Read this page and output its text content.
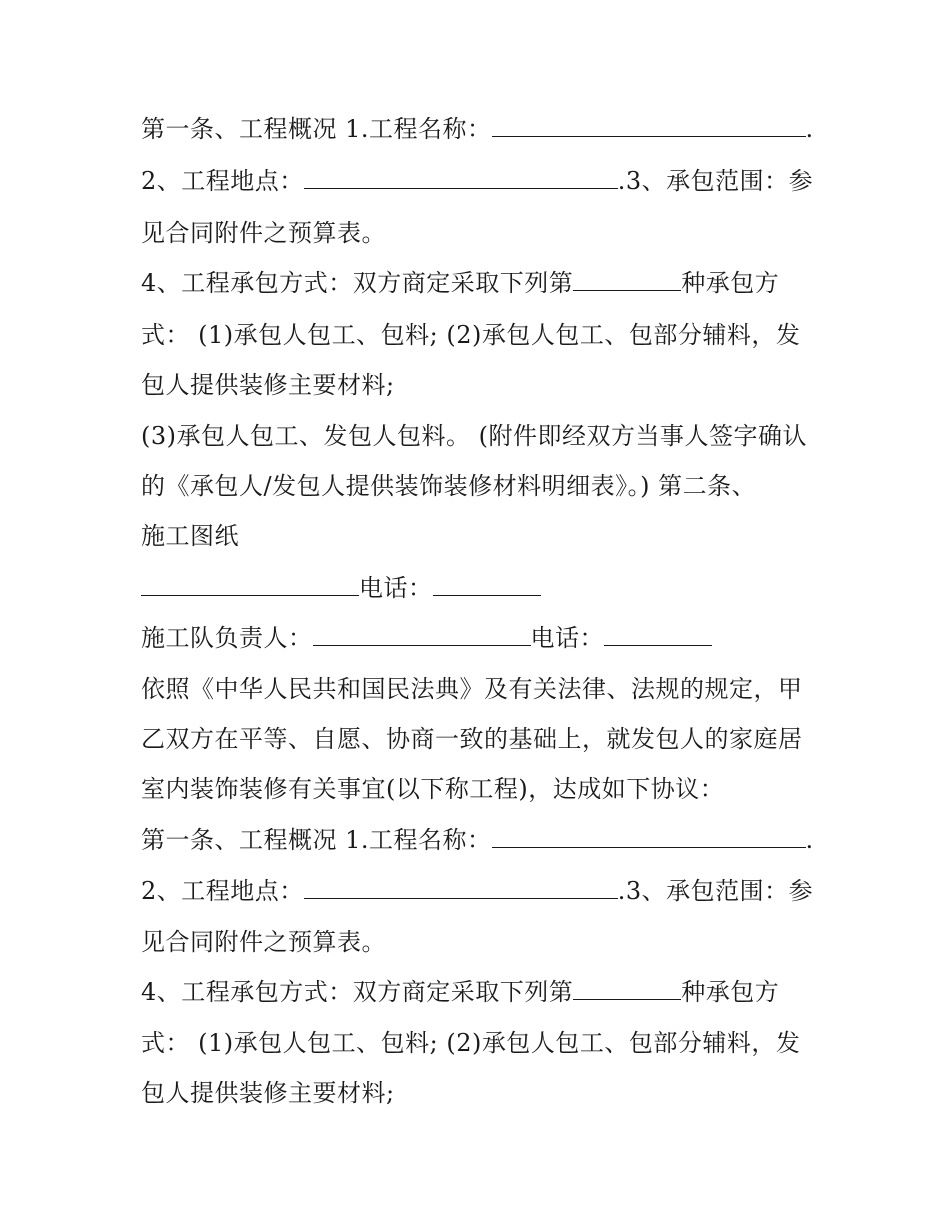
第一条、工程概况 1.工程名称：	.
2、工程地点：	.3、承包范围：参
见合同附件之预算表。
4、工程承包方式：双方商定采取下列第	种承包方
式： (1)承包人包工、包料; (2)承包人包工、包部分辅料，发
包人提供装修主要材料;
(3)承包人包工、发包人包料。 (附件即经双方当事人签字确认
的《承包人/发包人提供装饰装修材料明细表》。) 第二条、
施工图纸
电话：
施工队负责人：	电话：
依照《中华人民共和国民法典》及有关法律、法规的规定，甲
乙双方在平等、自愿、协商一致的基础上，就发包人的家庭居
室内装饰装修有关事宜(以下称工程)，达成如下协议：
第一条、工程概况 1.工程名称：	.
2、工程地点：	.3、承包范围：参
见合同附件之预算表。
4、工程承包方式：双方商定采取下列第	种承包方
式： (1)承包人包工、包料; (2)承包人包工、包部分辅料，发
包人提供装修主要材料;
